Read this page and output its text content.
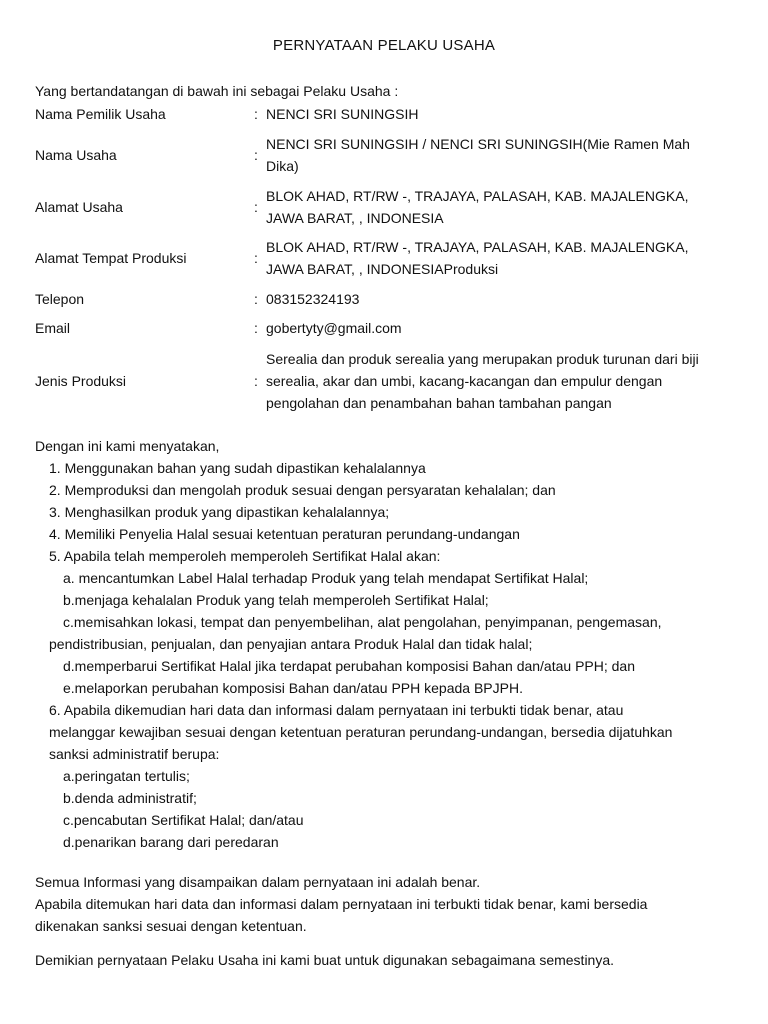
PERNYATAAN PELAKU USAHA
Yang bertandatangan di bawah ini sebagai Pelaku Usaha :
Nama Pemilik Usaha	: NENCI SRI SUNINGSIH
Nama Usaha	:
NENCI SRI SUNINGSIH / NENCI SRI SUNINGSIH(Mie Ramen Mah
Dika)
Alamat Usaha	:
BLOK AHAD, RT/RW -, TRAJAYA, PALASAH, KAB. MAJALENGKA,
JAWA BARAT, , INDONESIA
Alamat Tempat Produksi	:
BLOK AHAD, RT/RW -, TRAJAYA, PALASAH, KAB. MAJALENGKA,
JAWA BARAT, , INDONESIAProduksi
Telepon	: 083152324193
Email	: gobertyty@gmail.com
Jenis Produksi	:
Serealia dan produk serealia yang merupakan produk turunan dari biji
serealia, akar dan umbi, kacang-kacangan dan empulur dengan
pengolahan dan penambahan bahan tambahan pangan
Dengan ini kami menyatakan,
1. Menggunakan bahan yang sudah dipastikan kehalalannya
2. Memproduksi dan mengolah produk sesuai dengan persyaratan kehalalan; dan
3. Menghasilkan produk yang dipastikan kehalalannya;
4. Memiliki Penyelia Halal sesuai ketentuan peraturan perundang-undangan
5. Apabila telah memperoleh memperoleh Sertifikat Halal akan:
a. mencantumkan Label Halal terhadap Produk yang telah mendapat Sertifikat Halal;
b.menjaga kehalalan Produk yang telah memperoleh Sertifikat Halal;
c.memisahkan lokasi, tempat dan penyembelihan, alat pengolahan, penyimpanan, pengemasan,
pendistribusian, penjualan, dan penyajian antara Produk Halal dan tidak halal;
d.memperbarui Sertifikat Halal jika terdapat perubahan komposisi Bahan dan/atau PPH; dan
e.melaporkan perubahan komposisi Bahan dan/atau PPH kepada BPJPH.
6. Apabila dikemudian hari data dan informasi dalam pernyataan ini terbukti tidak benar, atau
melanggar kewajiban sesuai dengan ketentuan peraturan perundang-undangan, bersedia dijatuhkan
sanksi administratif berupa:
a.peringatan tertulis;
b.denda administratif;
c.pencabutan Sertifikat Halal; dan/atau
d.penarikan barang dari peredaran
Semua Informasi yang disampaikan dalam pernyataan ini adalah benar.
Apabila ditemukan hari data dan informasi dalam pernyataan ini terbukti tidak benar, kami bersedia
dikenakan sanksi sesuai dengan ketentuan.
Demikian pernyataan Pelaku Usaha ini kami buat untuk digunakan sebagaimana semestinya.
